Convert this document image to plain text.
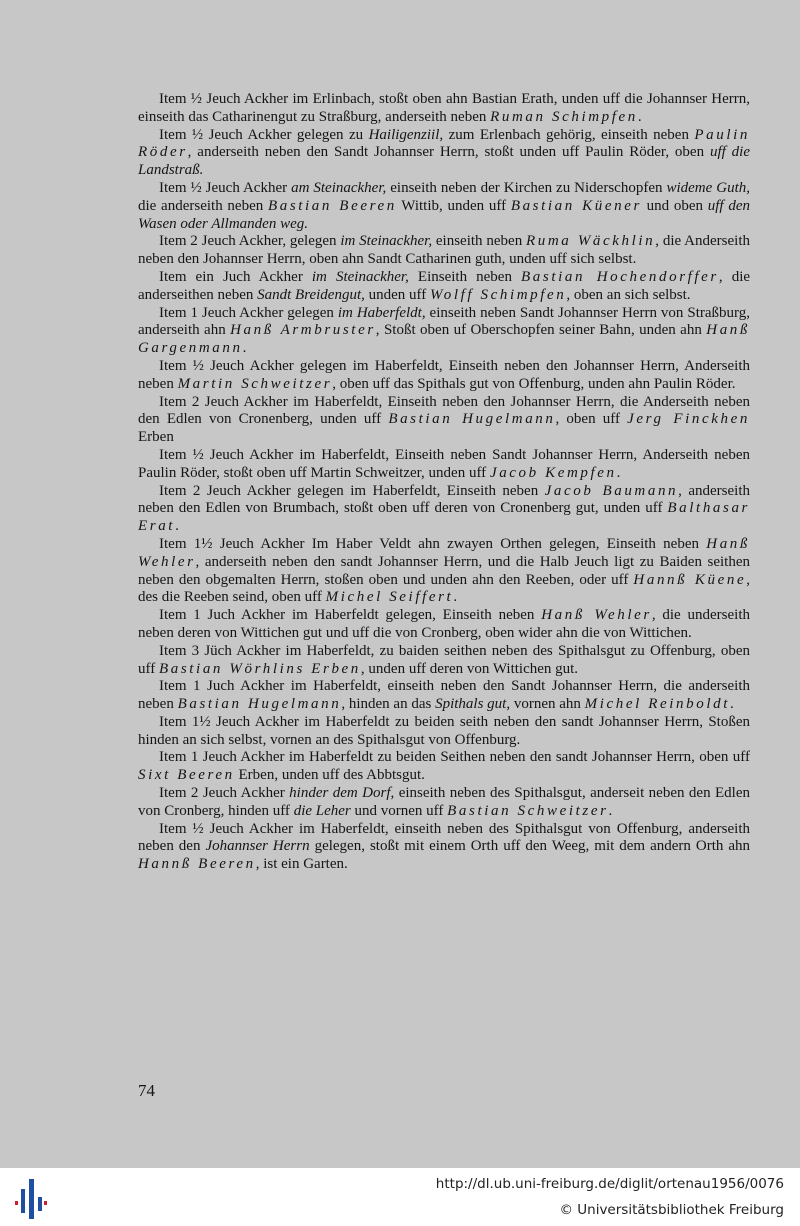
Item ½ Jeuch Ackher im Erlinbach, stoßt oben ahn Bastian Erath, unden uff die Johannser Herrn, einseith das Catharinengut zu Straßburg, anderseith neben Ruman Schimpfen.

Item ½ Jeuch Ackher gelegen zu Hailigenziil, zum Erlenbach gehörig, einseith neben Paulin Röder, anderseith neben den Sandt Johannser Herrn, stoßt unden uff Paulin Röder, oben uff die Landstraß.

Item ½ Jeuch Ackher am Steinackher, einseith neben der Kirchen zu Niderschopfen wideme Guth, die anderseith neben Bastian Beeren Wittib, unden uff Bastian Küener und oben uff den Wasen oder Allmanden weg.

Item 2 Jeuch Ackher, gelegen im Steinackher, einseith neben Ruma Wäckhlin, die Anderseith neben den Johannser Herrn, oben ahn Sandt Catharinen guth, unden uff sich selbst.

Item ein Juch Ackher im Steinackher, Einseith neben Bastian Hochendorffer, die anderseithen neben Sandt Breidengut, unden uff Wolff Schimpfen, oben an sich selbst.

Item 1 Jeuch Ackher gelegen im Haberfeldt, einseith neben Sandt Johannser Herrn von Straßburg, anderseith ahn Hanß Armbruster, Stoßt oben uf Oberschopfen seiner Bahn, unden ahn Hanß Gargenmann.

Item ½ Jeuch Ackher gelegen im Haberfeldt, Einseith neben den Johannser Herrn, Anderseith neben Martin Schweitzer, oben uff das Spithals gut von Offenburg, unden ahn Paulin Röder.

Item 2 Jeuch Ackher im Haberfeldt, Einseith neben den Johannser Herrn, die Anderseith neben den Edlen von Cronenberg, unden uff Bastian Hugelmann, oben uff Jerg Finckhen Erben

Item ½ Jeuch Ackher im Haberfeldt, Einseith neben Sandt Johannser Herrn, Anderseith neben Paulin Röder, stoßt oben uff Martin Schweitzer, unden uff Jacob Kempfen.

Item 2 Jeuch Ackher gelegen im Haberfeldt, Einseith neben Jacob Baumann, anderseith neben den Edlen von Brumbach, stoßt oben uff deren von Cronenberg gut, unden uff Balthasar Erat.

Item 1½ Jeuch Ackher Im Haber Veldt ahn zwayen Orthen gelegen, Einseith neben Hanß Wehler, anderseith neben den sandt Johannser Herrn, und die Halb Jeuch ligt zu Baiden seithen neben den obgemalten Herrn, stoßen oben und unden ahn den Reeben, oder uff Hannß Küene, des die Reeben seind, oben uff Michel Seiffert.

Item 1 Juch Ackher im Haberfeldt gelegen, Einseith neben Hanß Wehler, die underseith neben deren von Wittichen gut und uff die von Cronberg, oben wider ahn die von Wittichen.

Item 3 Jüch Ackher im Haberfeldt, zu baiden seithen neben des Spithalsgut zu Offenburg, oben uff Bastian Wörhlins Erben, unden uff deren von Wittichen gut.

Item 1 Juch Ackher im Haberfeldt, einseith neben den Sandt Johannser Herrn, die anderseith neben Bastian Hugelmann, hinden an das Spithals gut, vornen ahn Michel Reinboldt.

Item 1½ Jeuch Ackher im Haberfeldt zu beiden seith neben den sandt Johannser Herrn, Stoßen hinden an sich selbst, vornen an des Spithalsgut von Offenburg.

Item 1 Jeuch Ackher im Haberfeldt zu beiden Seithen neben den sandt Johannser Herrn, oben uff Sixt Beeren Erben, unden uff des Abbtsgut.

Item 2 Jeuch Ackher hinder dem Dorf, einseith neben des Spithalsgut, anderseit neben den Edlen von Cronberg, hinden uff die Leher und vornen uff Bastian Schweitzer.

Item ½ Jeuch Ackher im Haberfeldt, einseith neben des Spithalsgut von Offenburg, anderseith neben den Johannser Herrn gelegen, stoßt mit einem Orth uff den Weeg, mit dem andern Orth ahn Hannß Beeren, ist ein Garten.

74
http://dl.ub.uni-freiburg.de/diglit/ortenau1956/0076
© Universitätsbibliothek Freiburg
